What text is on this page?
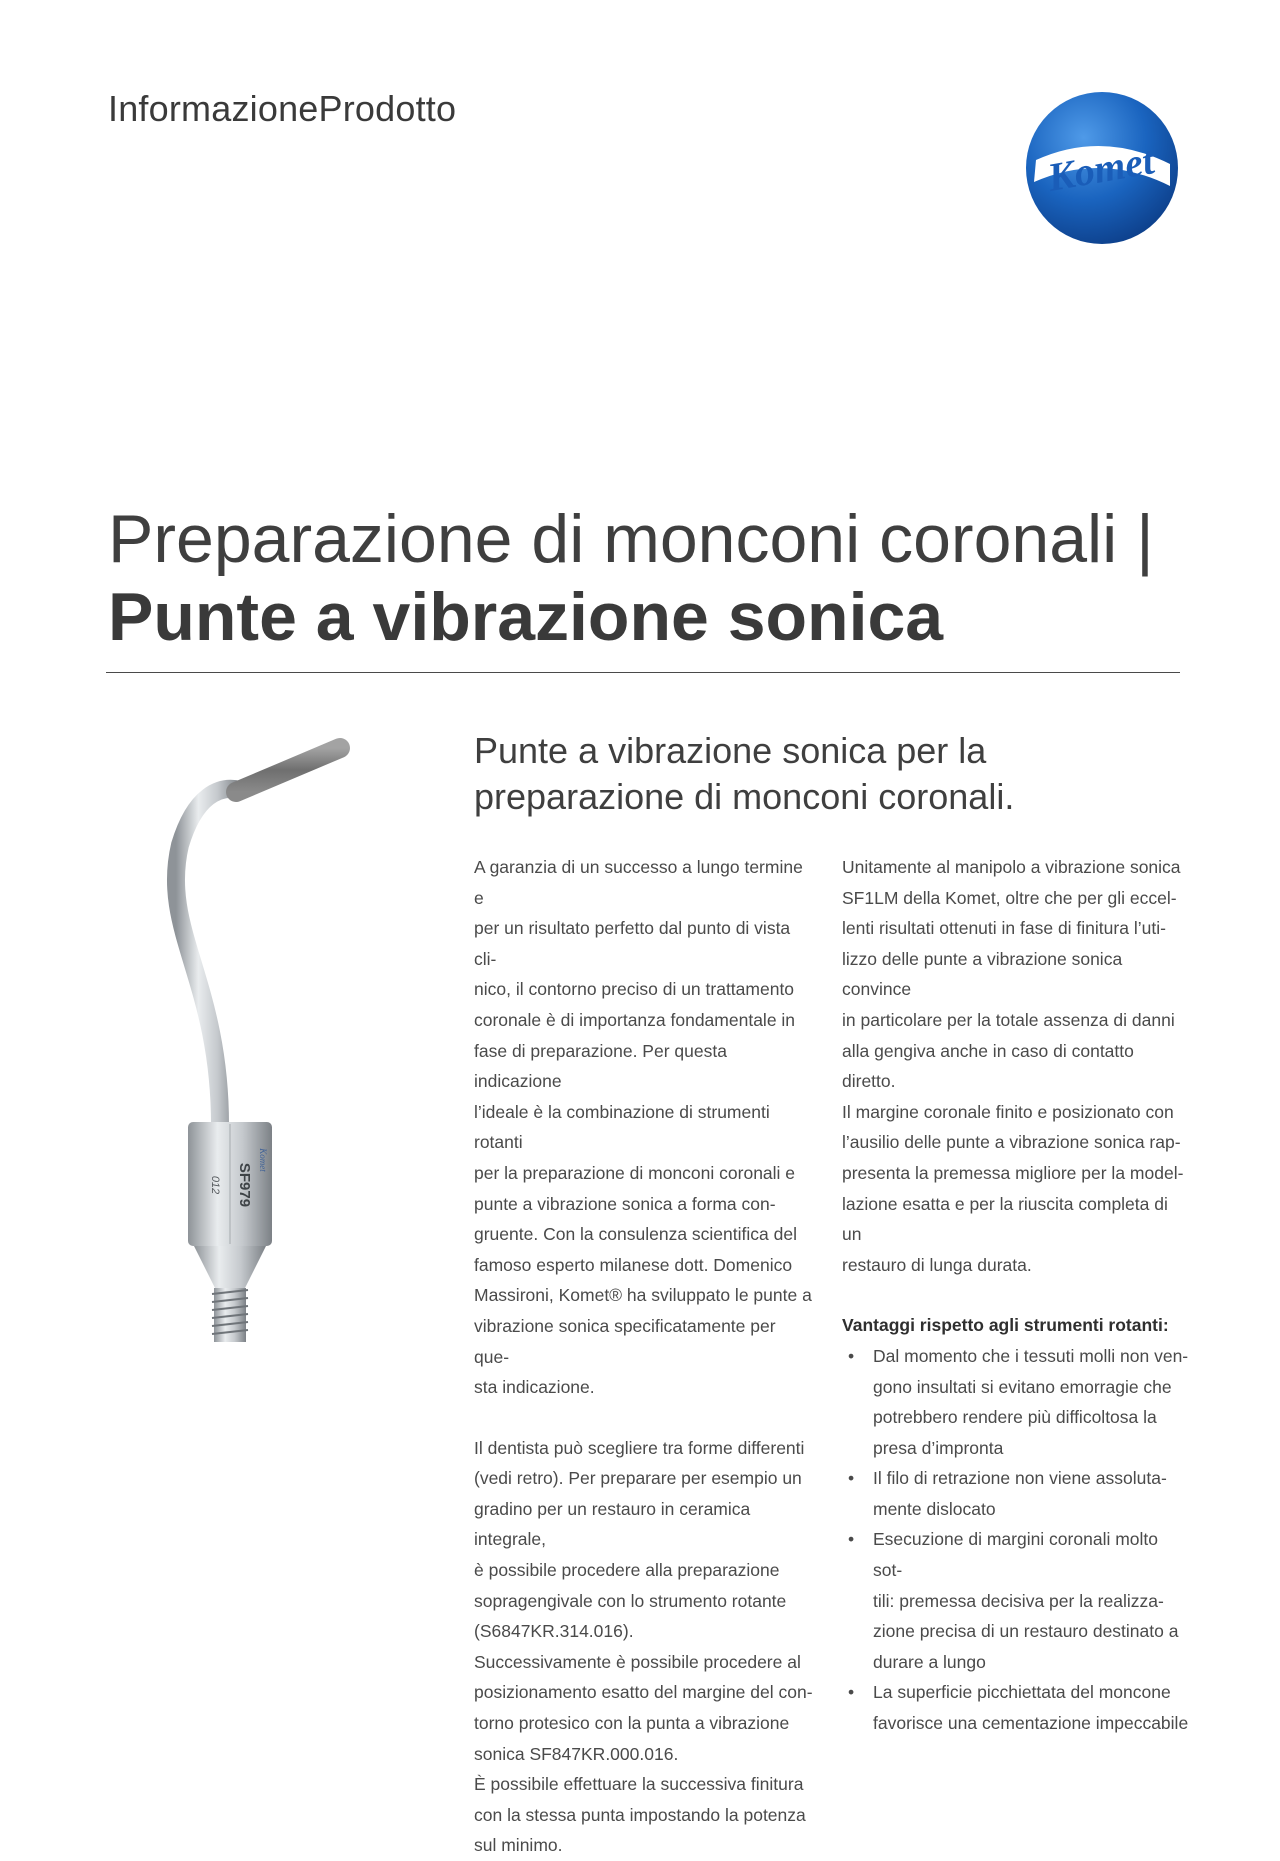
InformazioneProdotto
Komet
Preparazione di monconi coronali |
Punte a vibrazione sonica
SF979
012
Komet
Punte a vibrazione sonica per la
preparazione di monconi coronali.

A garanzia di un successo a lungo termine e
per un risultato perfetto dal punto di vista cli-
nico, il contorno preciso di un trattamento
coronale è di importanza fondamentale in
fase di preparazione. Per questa indicazione
l’ideale è la combinazione di strumenti rotanti
per la preparazione di monconi coronali e
punte a vibrazione sonica a forma con-
gruente. Con la consulenza scientifica del
famoso esperto milanese dott. Domenico
Massironi, Komet® ha sviluppato le punte a
vibrazione sonica specificatamente per que-
sta indicazione.

Il dentista può scegliere tra forme differenti
(vedi retro). Per preparare per esempio un
gradino per un restauro in ceramica integrale,
è possibile procedere alla preparazione
sopragengivale con lo strumento rotante
(S6847KR.314.016).
Successivamente è possibile procedere al
posizionamento esatto del margine del con-
torno protesico con la punta a vibrazione
sonica SF847KR.000.016.
È possibile effettuare la successiva finitura
con la stessa punta impostando la potenza
sul minimo.

Unitamente al manipolo a vibrazione sonica
SF1LM della Komet, oltre che per gli eccel-
lenti risultati ottenuti in fase di finitura l’uti-
lizzo delle punte a vibrazione sonica convince
in particolare per la totale assenza di danni
alla gengiva anche in caso di contatto diretto.
Il margine coronale finito e posizionato con
l’ausilio delle punte a vibrazione sonica rap-
presenta la premessa migliore per la model-
lazione esatta e per la riuscita completa di un
restauro di lunga durata.

Vantaggi rispetto agli strumenti rotanti:
• Dal momento che i tessuti molli non ven-
gono insultati si evitano emorragie che
potrebbero rendere più difficoltosa la
presa d’impronta
• Il filo di retrazione non viene assoluta-
mente dislocato
• Esecuzione di margini coronali molto sot-
tili: premessa decisiva per la realizza-
zione precisa di un restauro destinato a
durare a lungo
• La superficie picchiettata del moncone
favorisce una cementazione impeccabile
